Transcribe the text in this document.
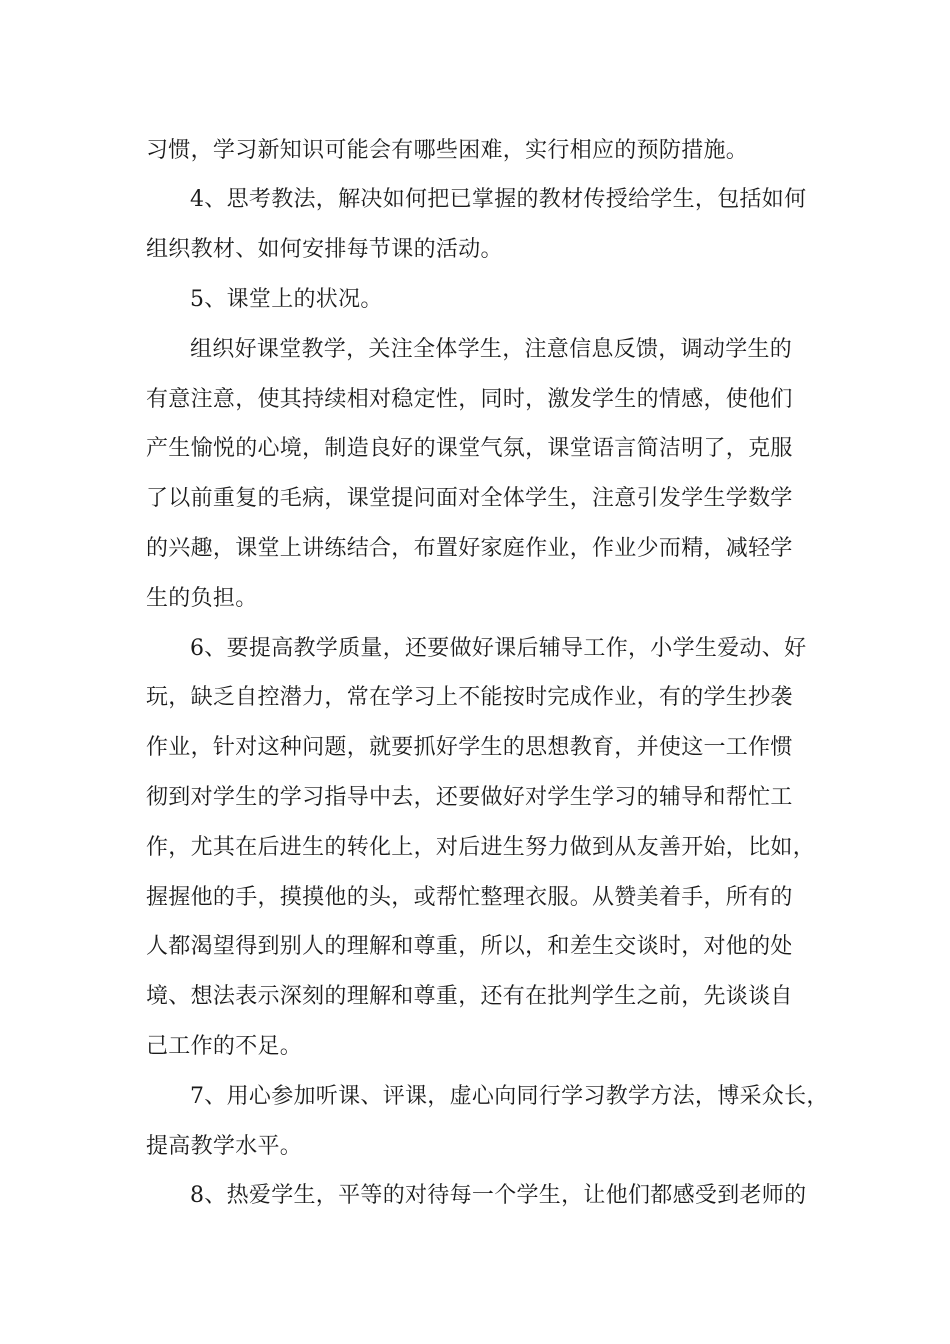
习惯，学习新知识可能会有哪些困难，实行相应的预防措施。
4、思考教法，解决如何把已掌握的教材传授给学生，包括如何
组织教材、如何安排每节课的活动。
5、课堂上的状况。
组织好课堂教学，关注全体学生，注意信息反馈，调动学生的
有意注意，使其持续相对稳定性，同时，激发学生的情感，使他们
产生愉悦的心境，制造良好的课堂气氛，课堂语言简洁明了，克服
了以前重复的毛病，课堂提问面对全体学生，注意引发学生学数学
的兴趣，课堂上讲练结合，布置好家庭作业，作业少而精，减轻学
生的负担。
6、要提高教学质量，还要做好课后辅导工作，小学生爱动、好
玩，缺乏自控潜力，常在学习上不能按时完成作业，有的学生抄袭
作业，针对这种问题，就要抓好学生的思想教育，并使这一工作惯
彻到对学生的学习指导中去，还要做好对学生学习的辅导和帮忙工
作，尤其在后进生的转化上，对后进生努力做到从友善开始，比如，
握握他的手，摸摸他的头，或帮忙整理衣服。从赞美着手，所有的
人都渴望得到别人的理解和尊重，所以，和差生交谈时，对他的处
境、想法表示深刻的理解和尊重，还有在批判学生之前，先谈谈自
己工作的不足。
7、用心参加听课、评课，虚心向同行学习教学方法，博采众长，
提高教学水平。
8、热爱学生，平等的对待每一个学生，让他们都感受到老师的
